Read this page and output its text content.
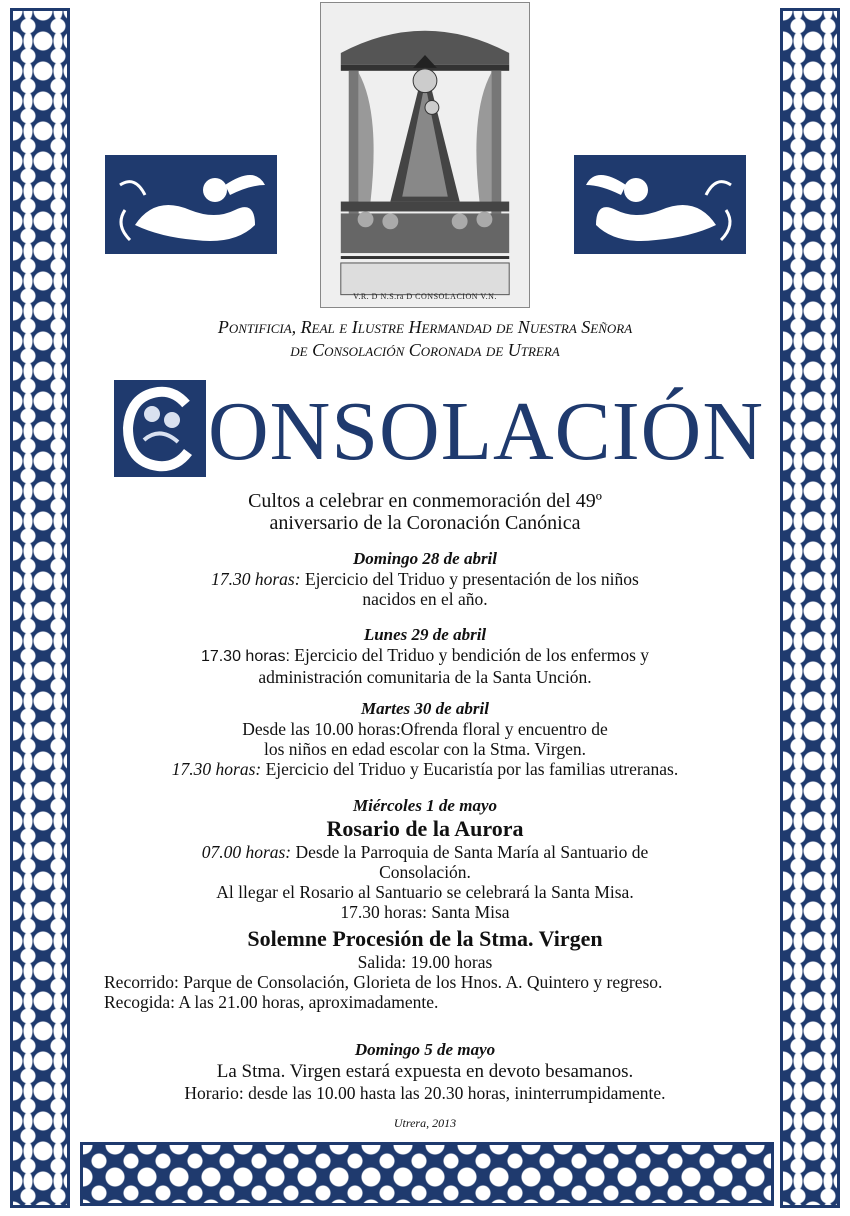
V.R. D N.S.ra D CONSOLACION V.N.
Pontificia, Real e Ilustre Hermandad de Nuestra Señora
de Consolación Coronada de Utrera
ONSOLACIÓN
Cultos a celebrar en conmemoración del 49º
aniversario de la Coronación Canónica
Domingo 28 de abril
17.30 horas: Ejercicio del Triduo y presentación de los niños
nacidos en el año.
Lunes 29 de abril
17.30 horas: Ejercicio del Triduo y bendición de los enfermos y
administración comunitaria de la Santa Unción.
Martes 30 de abril
Desde las 10.00 horas:Ofrenda floral y encuentro de
los niños en edad escolar con la Stma. Virgen.
17.30 horas: Ejercicio del Triduo y Eucaristía por las familias utreranas.
Miércoles 1 de mayo
Rosario de la Aurora
07.00 horas: Desde la Parroquia de Santa María al Santuario de
Consolación.
Al llegar el Rosario al Santuario se celebrará la Santa Misa.
17.30 horas: Santa Misa
Solemne Procesión de la Stma. Virgen
Salida: 19.00 horas
Recorrido: Parque de Consolación, Glorieta de los Hnos. A. Quintero y regreso.
Recogida: A las 21.00 horas, aproximadamente.
Domingo 5 de mayo
La Stma. Virgen estará expuesta en devoto besamanos.
Horario: desde las 10.00 hasta las 20.30 horas, ininterrumpidamente.
Utrera, 2013
